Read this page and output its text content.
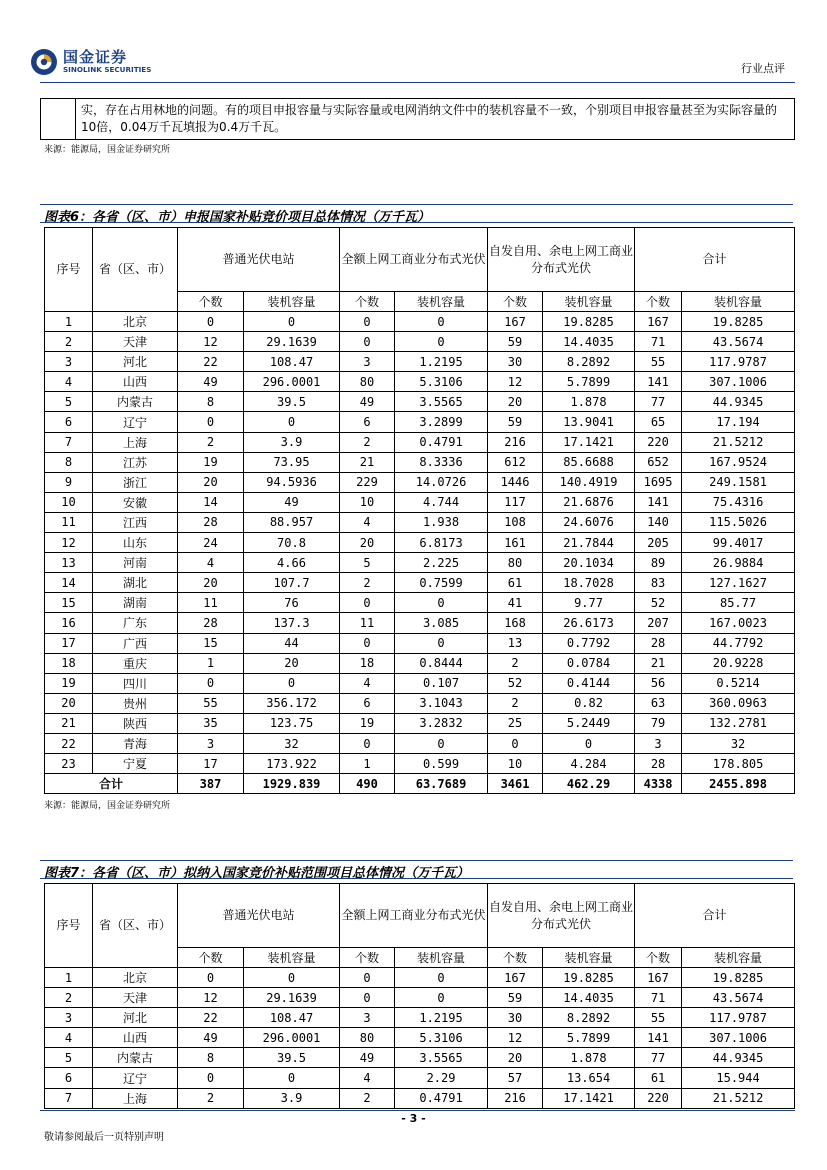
国金证券
SINOLINK SECURITIES	行业点评
实，存在占用林地的问题。有的项目申报容量与实际容量或电网消纳文件中的装机容量不一致，个别项目申报容量甚至为实际容量的10倍，0.04万千瓦填报为0.4万千瓦。
来源：能源局，国金证券研究所
图表6：各省（区、市）申报国家补贴竞价项目总体情况（万千瓦）
序号	省（区、市）	普通光伏电站		全额上网工商业分布式光伏		自发自用、余电上网工商业分布式光伏		合计	
		个数	装机容量	个数	装机容量	个数	装机容量	个数	装机容量
1	北京	0	0	0	0	167	19.8285	167	19.8285
2	天津	12	29.1639	0	0	59	14.4035	71	43.5674
3	河北	22	108.47	3	1.2195	30	8.2892	55	117.9787
4	山西	49	296.0001	80	5.3106	12	5.7899	141	307.1006
5	内蒙古	8	39.5	49	3.5565	20	1.878	77	44.9345
6	辽宁	0	0	6	3.2899	59	13.9041	65	17.194
7	上海	2	3.9	2	0.4791	216	17.1421	220	21.5212
8	江苏	19	73.95	21	8.3336	612	85.6688	652	167.9524
9	浙江	20	94.5936	229	14.0726	1446	140.4919	1695	249.1581
10	安徽	14	49	10	4.744	117	21.6876	141	75.4316
11	江西	28	88.957	4	1.938	108	24.6076	140	115.5026
12	山东	24	70.8	20	6.8173	161	21.7844	205	99.4017
13	河南	4	4.66	5	2.225	80	20.1034	89	26.9884
14	湖北	20	107.7	2	0.7599	61	18.7028	83	127.1627
15	湖南	11	76	0	0	41	9.77	52	85.77
16	广东	28	137.3	11	3.085	168	26.6173	207	167.0023
17	广西	15	44	0	0	13	0.7792	28	44.7792
18	重庆	1	20	18	0.8444	2	0.0784	21	20.9228
19	四川	0	0	4	0.107	52	0.4144	56	0.5214
20	贵州	55	356.172	6	3.1043	2	0.82	63	360.0963
21	陕西	35	123.75	19	3.2832	25	5.2449	79	132.2781
22	青海	3	32	0	0	0	0	3	32
23	宁夏	17	173.922	1	0.599	10	4.284	28	178.805
合计		387	1929.839	490	63.7689	3461	462.29	4338	2455.898
来源：能源局，国金证券研究所
图表7：各省（区、市）拟纳入国家竞价补贴范围项目总体情况（万千瓦）
序号	省（区、市）	普通光伏电站		全额上网工商业分布式光伏		自发自用、余电上网工商业分布式光伏		合计	
		个数	装机容量	个数	装机容量	个数	装机容量	个数	装机容量
1	北京	0	0	0	0	167	19.8285	167	19.8285
2	天津	12	29.1639	0	0	59	14.4035	71	43.5674
3	河北	22	108.47	3	1.2195	30	8.2892	55	117.9787
4	山西	49	296.0001	80	5.3106	12	5.7899	141	307.1006
5	内蒙古	8	39.5	49	3.5565	20	1.878	77	44.9345
6	辽宁	0	0	4	2.29	57	13.654	61	15.944
7	上海	2	3.9	2	0.4791	216	17.1421	220	21.5212
- 3 -
敬请参阅最后一页特别声明
